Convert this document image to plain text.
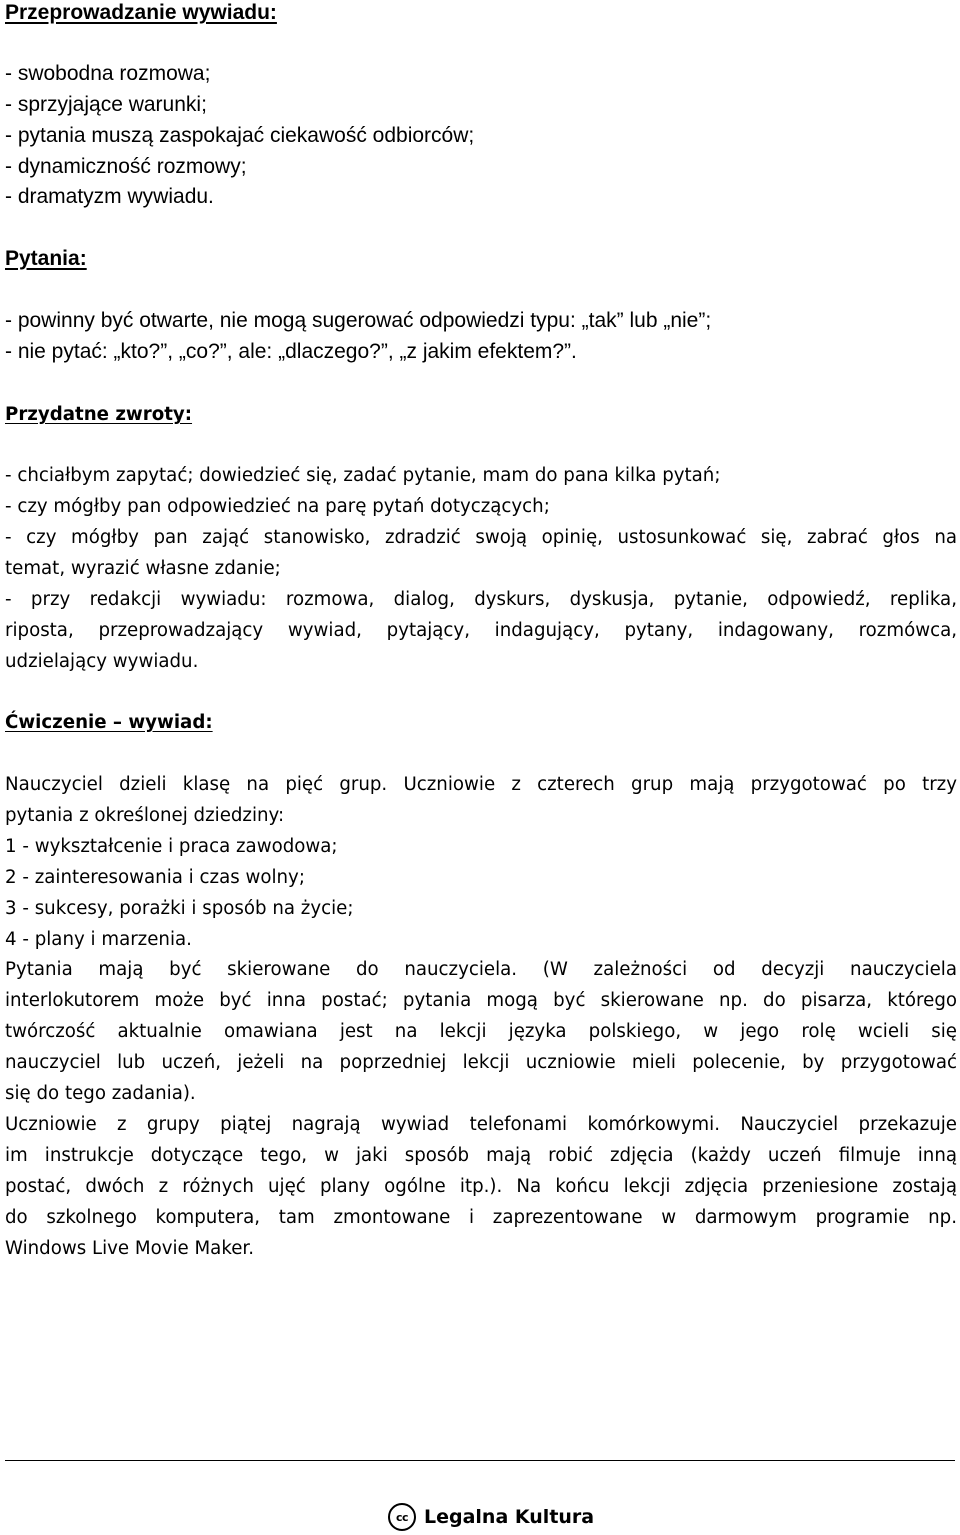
Przeprowadzanie wywiadu:
- swobodna rozmowa;
- sprzyjające warunki;
- pytania muszą zaspokajać ciekawość odbiorców;
- dynamiczność rozmowy;
- dramatyzm wywiadu.
Pytania:
- powinny być otwarte, nie mogą sugerować odpowiedzi typu: „tak” lub „nie”;
- nie pytać: „kto?”, „co?”, ale: „dlaczego?”, „z jakim efektem?”.
Przydatne zwroty:
- chciałbym zapytać; dowiedzieć się, zadać pytanie, mam do pana kilka pytań;
- czy mógłby pan odpowiedzieć na parę pytań dotyczących;
- czy mógłby pan zająć stanowisko, zdradzić swoją opinię, ustosunkować się, zabrać głos na
temat, wyrazić własne zdanie;
- przy redakcji wywiadu: rozmowa, dialog, dyskurs, dyskusja, pytanie, odpowiedź, replika,
riposta, przeprowadzający wywiad, pytający, indagujący, pytany, indagowany, rozmówca,
udzielający wywiadu.
Ćwiczenie – wywiad:
Nauczyciel dzieli klasę na pięć grup. Uczniowie z czterech grup mają przygotować po trzy
pytania z określonej dziedziny:
1 - wykształcenie i praca zawodowa;
2 - zainteresowania i czas wolny;
3 - sukcesy, porażki i sposób na życie;
4 - plany i marzenia.
Pytania mają być skierowane do nauczyciela. (W zależności od decyzji nauczyciela
interlokutorem może być inna postać; pytania mogą być skierowane np. do pisarza, którego
twórczość aktualnie omawiana jest na lekcji języka polskiego, w jego rolę wcieli się
nauczyciel lub uczeń, jeżeli na poprzedniej lekcji uczniowie mieli polecenie, by przygotować
się do tego zadania).
Uczniowie z grupy piątej nagrają wywiad telefonami komórkowymi. Nauczyciel przekazuje
im instrukcje dotyczące tego, w jaki sposób mają robić zdjęcia (każdy uczeń filmuje inną
postać, dwóch z różnych ujęć plany ogólne itp.). Na końcu lekcji zdjęcia przeniesione zostają
do szkolnego komputera, tam zmontowane i zaprezentowane w darmowym programie np.
Windows Live Movie Maker.
cc Legalna Kultura
